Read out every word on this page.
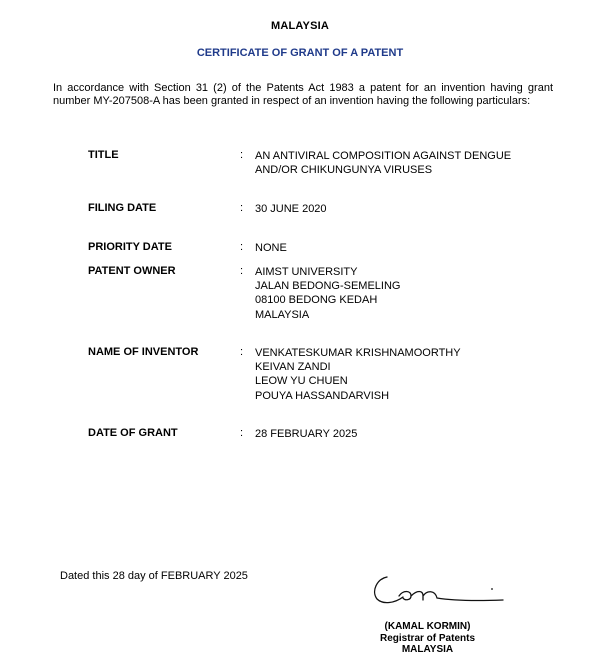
MALAYSIA
CERTIFICATE OF GRANT OF A PATENT
In accordance with Section 31 (2) of the Patents Act 1983 a patent for an invention having grant number MY-207508-A has been granted in respect of an invention having the following particulars:
TITLE	: AN ANTIVIRAL COMPOSITION AGAINST DENGUE
AND/OR CHIKUNGUNYA VIRUSES
FILING DATE	: 30 JUNE 2020
PRIORITY DATE	: NONE
PATENT OWNER	: AIMST UNIVERSITY
JALAN BEDONG-SEMELING
08100 BEDONG KEDAH
MALAYSIA
NAME OF INVENTOR	: VENKATESKUMAR KRISHNAMOORTHY
KEIVAN ZANDI
LEOW YU CHUEN
POUYA HASSANDARVISH
DATE OF GRANT	: 28 FEBRUARY 2025
Dated this 28 day of FEBRUARY 2025
(KAMAL KORMIN)
Registrar of Patents
MALAYSIA
